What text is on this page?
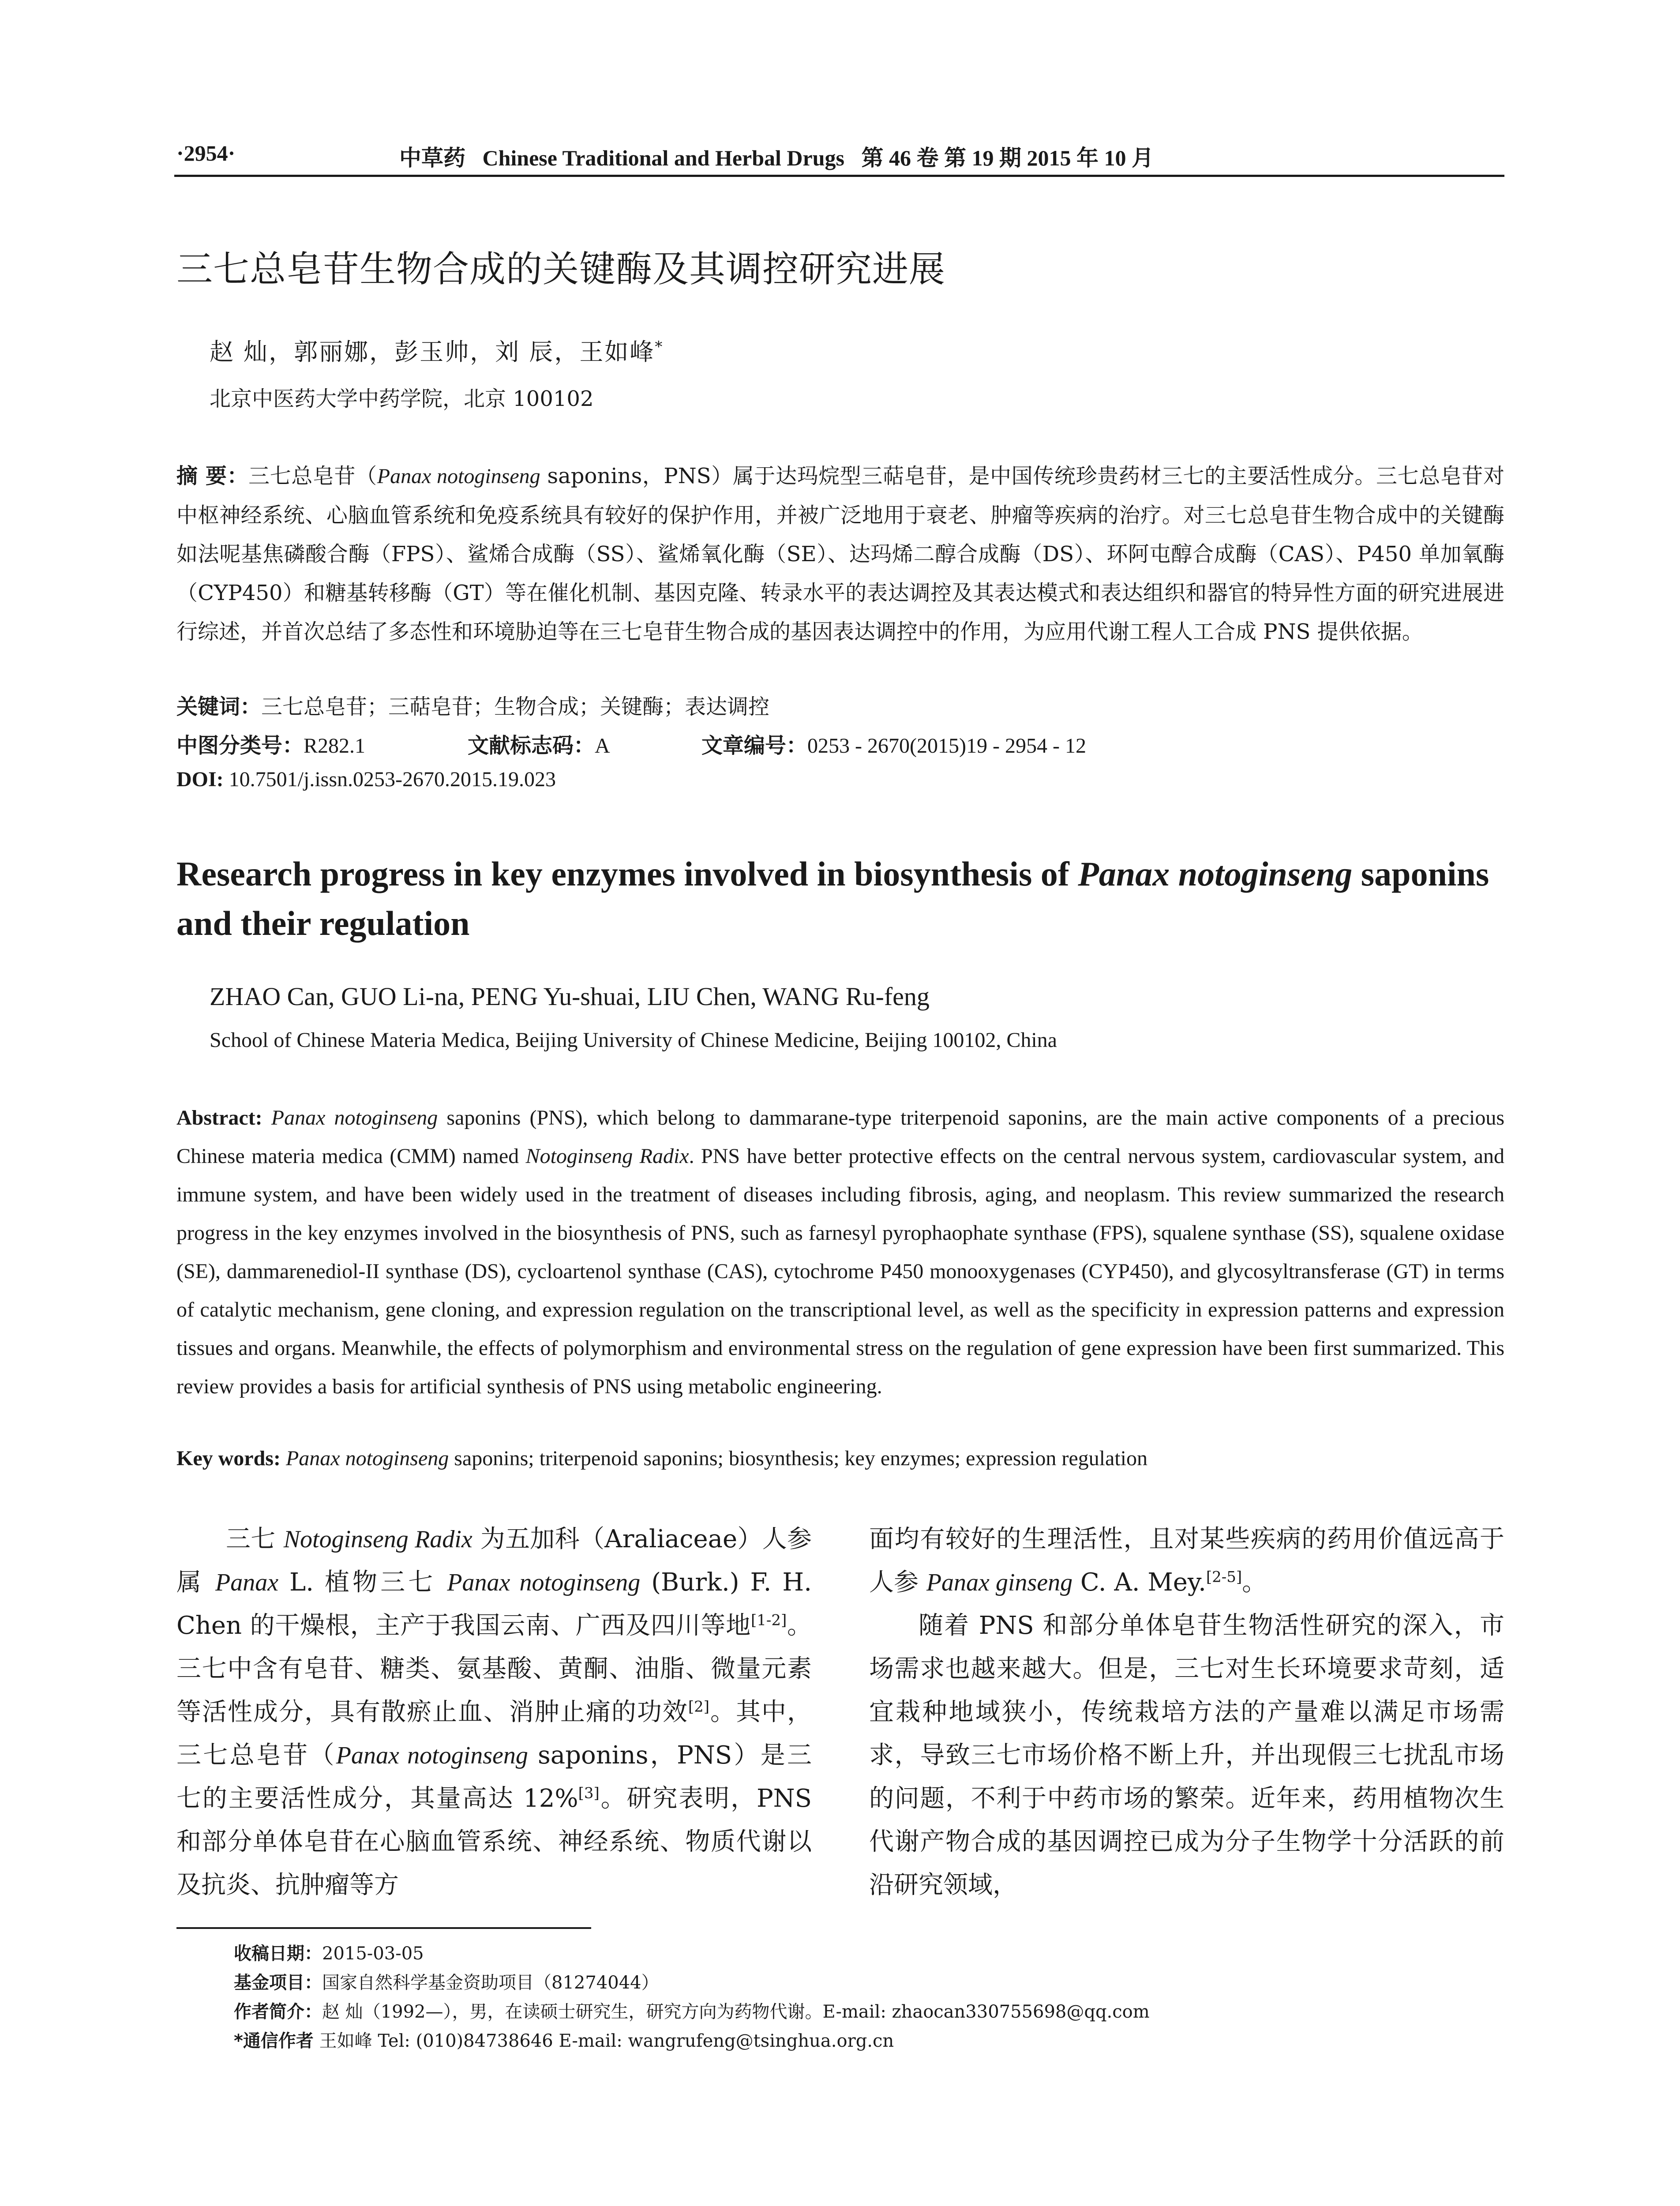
·2954·	中草药 Chinese Traditional and Herbal Drugs 第 46 卷 第 19 期 2015 年 10 月
三七总皂苷生物合成的关键酶及其调控研究进展
赵 灿，郭丽娜，彭玉帅，刘 辰，王如峰*
北京中医药大学中药学院，北京 100102
摘 要：三七总皂苷（Panax notoginseng saponins，PNS）属于达玛烷型三萜皂苷，是中国传统珍贵药材三七的主要活性成分。三七总皂苷对中枢神经系统、心脑血管系统和免疫系统具有较好的保护作用，并被广泛地用于衰老、肿瘤等疾病的治疗。对三七总皂苷生物合成中的关键酶如法呢基焦磷酸合酶（FPS）、鲨烯合成酶（SS）、鲨烯氧化酶（SE）、达玛烯二醇合成酶（DS）、环阿屯醇合成酶（CAS）、P450 单加氧酶（CYP450）和糖基转移酶（GT）等在催化机制、基因克隆、转录水平的表达调控及其表达模式和表达组织和器官的特异性方面的研究进展进行综述，并首次总结了多态性和环境胁迫等在三七皂苷生物合成的基因表达调控中的作用，为应用代谢工程人工合成 PNS 提供依据。
关键词：三七总皂苷；三萜皂苷；生物合成；关键酶；表达调控
中图分类号：R282.1	文献标志码：A	文章编号：0253 - 2670(2015)19 - 2954 - 12
DOI: 10.7501/j.issn.0253-2670.2015.19.023
Research progress in key enzymes involved in biosynthesis of Panax notoginseng saponins and their regulation
ZHAO Can, GUO Li-na, PENG Yu-shuai, LIU Chen, WANG Ru-feng
School of Chinese Materia Medica, Beijing University of Chinese Medicine, Beijing 100102, China
Abstract: Panax notoginseng saponins (PNS), which belong to dammarane-type triterpenoid saponins, are the main active components of a precious Chinese materia medica (CMM) named Notoginseng Radix. PNS have better protective effects on the central nervous system, cardiovascular system, and immune system, and have been widely used in the treatment of diseases including fibrosis, aging, and neoplasm. This review summarized the research progress in the key enzymes involved in the biosynthesis of PNS, such as farnesyl pyrophaophate synthase (FPS), squalene synthase (SS), squalene oxidase (SE), dammarenediol-II synthase (DS), cycloartenol synthase (CAS), cytochrome P450 monooxygenases (CYP450), and glycosyltransferase (GT) in terms of catalytic mechanism, gene cloning, and expression regulation on the transcriptional level, as well as the specificity in expression patterns and expression tissues and organs. Meanwhile, the effects of polymorphism and environmental stress on the regulation of gene expression have been first summarized. This review provides a basis for artificial synthesis of PNS using metabolic engineering.
Key words: Panax notoginseng saponins; triterpenoid saponins; biosynthesis; key enzymes; expression regulation

三七 Notoginseng Radix 为五加科（Araliaceae）人参属 Panax L. 植物三七 Panax notoginseng (Burk.) F. H. Chen 的干燥根，主产于我国云南、广西及四川等地[1-2]。三七中含有皂苷、糖类、氨基酸、黄酮、油脂、微量元素等活性成分，具有散瘀止血、消肿止痛的功效[2]。其中，三七总皂苷（Panax notoginseng saponins，PNS）是三七的主要活性成分，其量高达 12%[3]。研究表明，PNS 和部分单体皂苷在心脑血管系统、神经系统、物质代谢以及抗炎、抗肿瘤等方

面均有较好的生理活性，且对某些疾病的药用价值远高于人参 Panax ginseng C. A. Mey.[2-5]。

随着 PNS 和部分单体皂苷生物活性研究的深入，市场需求也越来越大。但是，三七对生长环境要求苛刻，适宜栽种地域狭小，传统栽培方法的产量难以满足市场需求，导致三七市场价格不断上升，并出现假三七扰乱市场的问题，不利于中药市场的繁荣。近年来，药用植物次生代谢产物合成的基因调控已成为分子生物学十分活跃的前沿研究领域，

收稿日期：2015-03-05
基金项目：国家自然科学基金资助项目（81274044）
作者简介：赵 灿（1992—），男，在读硕士研究生，研究方向为药物代谢。E-mail: zhaocan330755698@qq.com
*通信作者 王如峰 Tel: (010)84738646 E-mail: wangrufeng@tsinghua.org.cn
